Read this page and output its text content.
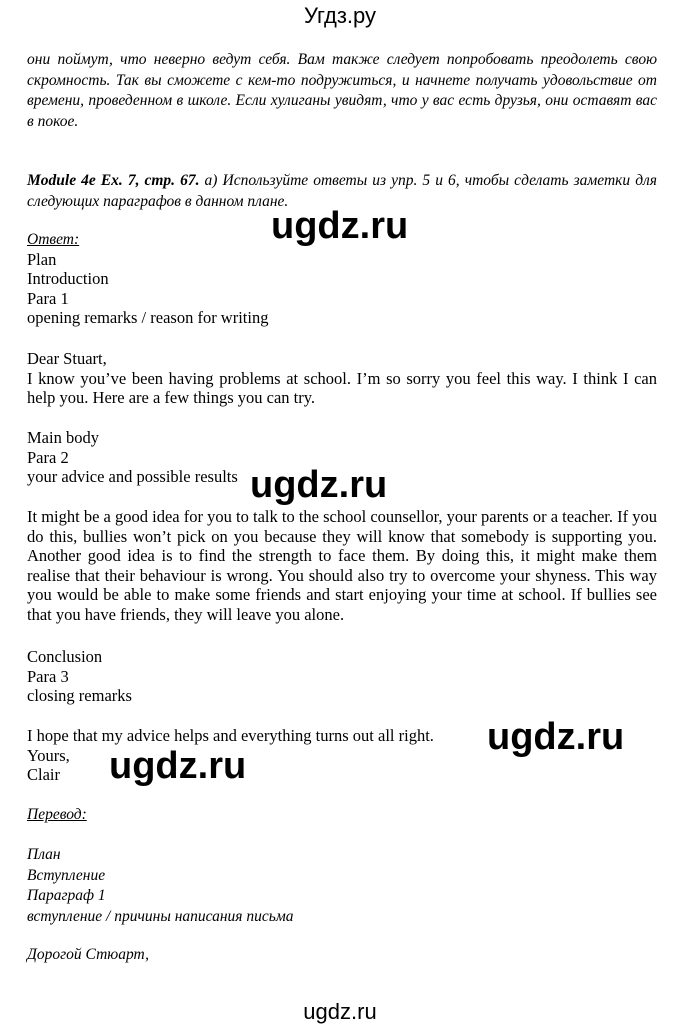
Угдз.ру

они поймут, что неверно ведут себя. Вам также следует попробовать преодолеть свою скромность. Так вы сможете с кем-то подружиться, и начнете получать удовольствие от времени, проведенном в школе. Если хулиганы увидят, что у вас есть друзья, они оставят вас в покое.

Module 4e Ex. 7, стр. 67. a) Используйте ответы из упр. 5 и 6, чтобы сделать заметки для следующих параграфов в данном плане.

Ответ:
Plan
Introduction
Para 1
opening remarks / reason for writing
Dear Stuart,
I know you’ve been having problems at school. I’m so sorry you feel this way. I think I can help you. Here are a few things you can try.
Main body
Para 2
your advice and possible results

It might be a good idea for you to talk to the school counsellor, your parents or a teacher. If you do this, bullies won’t pick on you because they will know that somebody is supporting you. Another good idea is to find the strength to face them. By doing this, it might make them realise that their behaviour is wrong. You should also try to overcome your shyness. This way you would be able to make some friends and start enjoying your time at school. If bullies see that you have friends, they will leave you alone.

Conclusion
Para 3
closing remarks
I hope that my advice helps and everything turns out all right.
Yours,
Clair
Перевод:
План
Вступление
Параграф 1
вступление / причины написания письма
Дорогой Стюарт,
ugdz.ru
ugdz.ru
ugdz.ru
ugdz.ru
ugdz.ru
